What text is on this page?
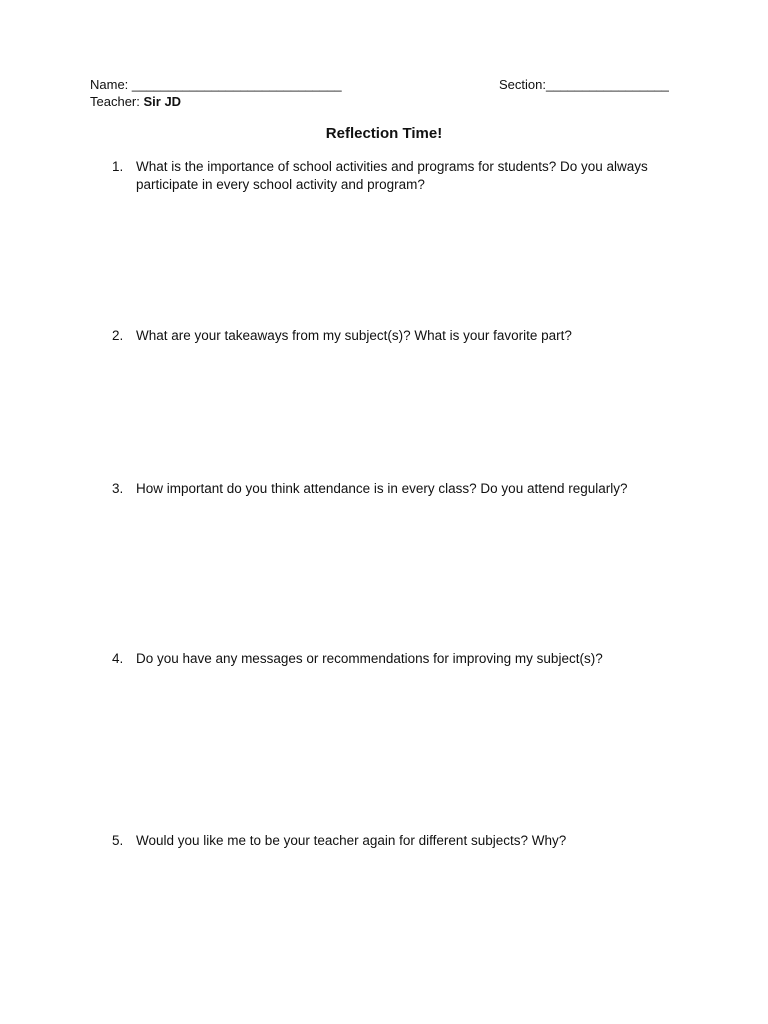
Name: _____________________________	Section:_________________
Teacher: Sir JD
Reflection Time!
1. What is the importance of school activities and programs for students? Do you always participate in every school activity and program?
2. What are your takeaways from my subject(s)? What is your favorite part?
3. How important do you think attendance is in every class? Do you attend regularly?
4. Do you have any messages or recommendations for improving my subject(s)?
5. Would you like me to be your teacher again for different subjects? Why?
